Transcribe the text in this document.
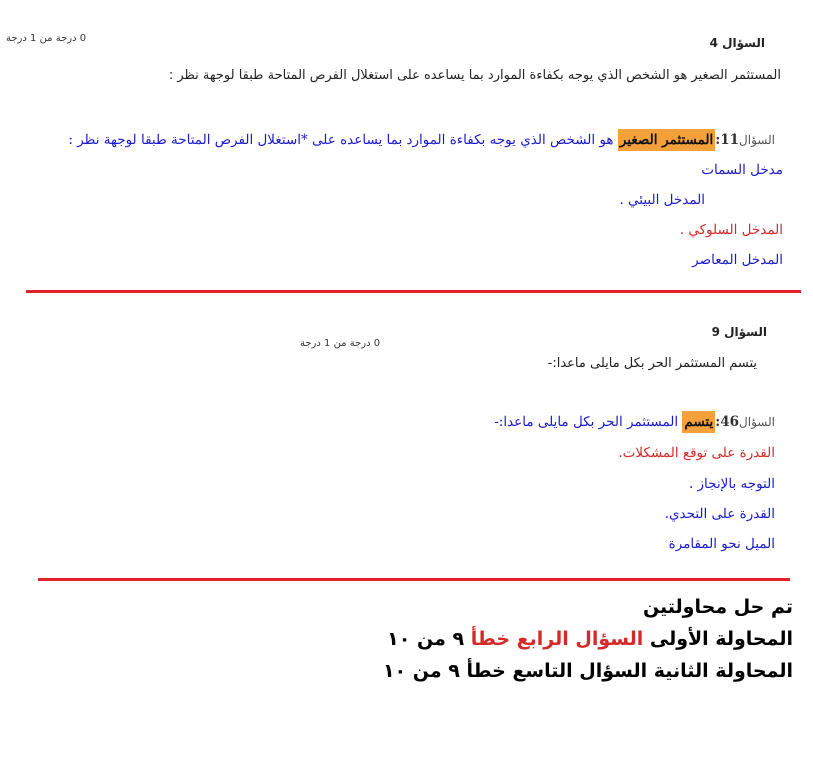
السؤال 4
0 درجة من 1 درجة
المستثمر الصغير هو الشخص الذي يوجه بكفاءة الموارد بما يساعده على استغلال الفرص المتاحة طبقا لوجهة نظر :
السؤال11:المستثمر الصغير هو الشخص الذي يوجه بكفاءة الموارد بما يساعده على *استغلال الفرص المتاحة طبقا لوجهة نظر :
مدخل السمات
المدخل البيئي .
المدخل السلوكي .
المدخل المعاصر
السؤال 9
0 درجة من 1 درجة
يتسم المستثمر الحر بكل مايلى ماعدا:-
السؤال46:يتسم المستثمر الحر بكل مايلى ماعدا:-
القدرة على توقع المشكلات.
التوجه بالإنجاز .
القدرة على التحدي.
الميل نحو المقامرة
تم حل محاولتين
المحاولة الأولى السؤال الرابع خطأ ٩ من ١٠
المحاولة الثانية السؤال التاسع خطأ ٩ من ١٠
